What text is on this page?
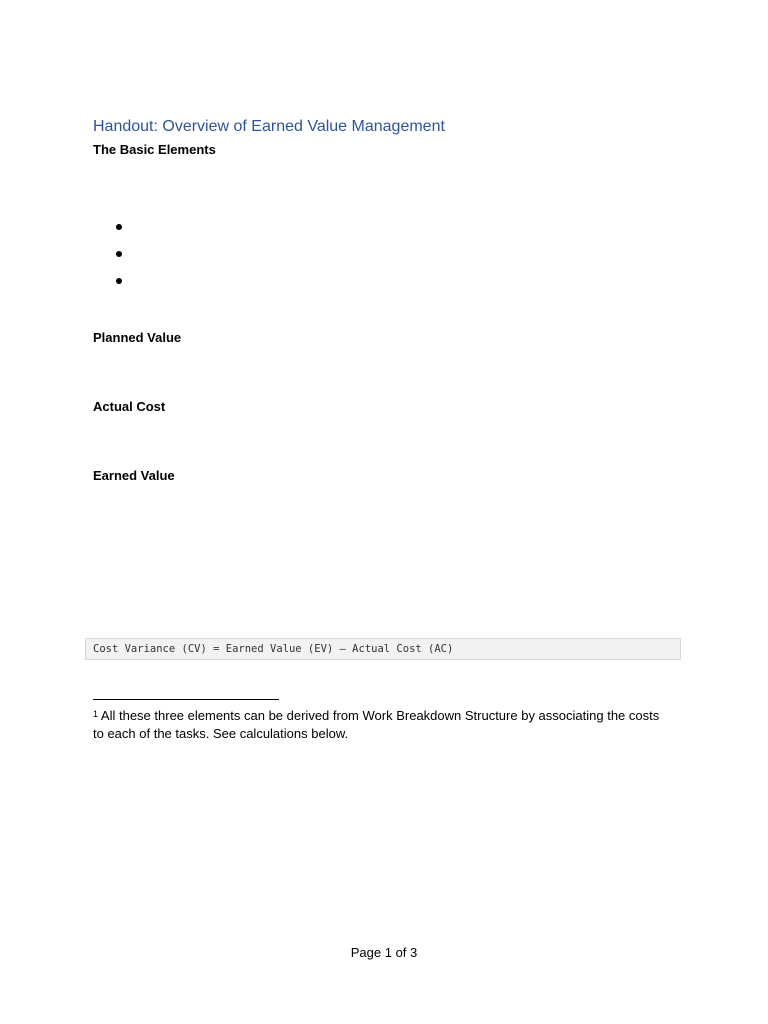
Handout: Overview of Earned Value Management
The Basic Elements
Planned Value
Actual Cost
Earned Value
Cost Variance (CV) = Earned Value (EV) – Actual Cost (AC)
$^1$ All these three elements can be derived from Work Breakdown Structure by associating the costs to each of the tasks. See calculations below.
Page 1 of 3
